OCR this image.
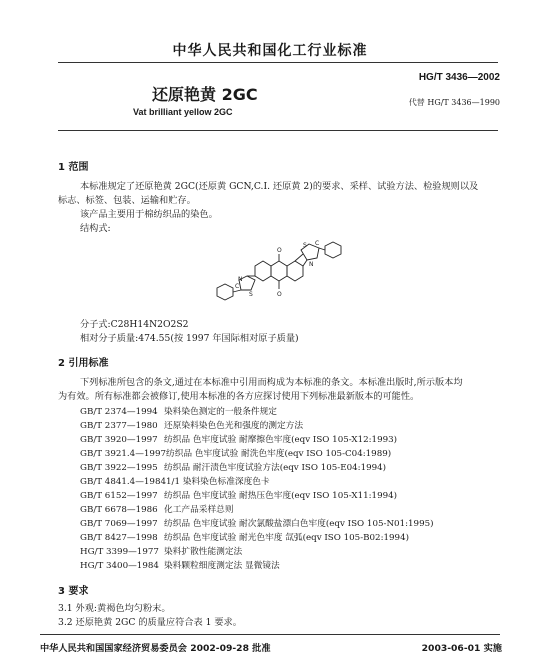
中华人民共和国化工行业标准
HG/T 3436—2002
还原艳黄 2GC	代替 HG/T 3436—1990
Vat brilliant yellow 2GC
1 范围
本标准规定了还原艳黄 2GC(还原黄 GCN,C.I. 还原黄 2)的要求、采样、试验方法、检验规则以及
标志、标签、包装、运输和贮存。
该产品主要用于棉纺织品的染色。
结构式:
S
N
O
O
N
S
C
C
分子式:C28H14N2O2S2
相对分子质量:474.55(按 1997 年国际相对原子质量)
2 引用标准
下列标准所包含的条文,通过在本标准中引用而构成为本标准的条文。本标准出版时,所示版本均
为有效。所有标准都会被修订,使用本标准的各方应探讨使用下列标准最新版本的可能性。
GB/T 2374—1994 染料染色测定的一般条件规定
GB/T 2377—1980 还原染料染色色光和强度的测定方法
GB/T 3920—1997 纺织品 色牢度试验 耐摩擦色牢度(eqv ISO 105-X12:1993)
GB/T 3921.4—1997纺织品 色牢度试验 耐洗色牢度(eqv ISO 105-C04:1989)
GB/T 3922—1995 纺织品 耐汗渍色牢度试验方法(eqv ISO 105-E04:1994)
GB/T 4841.4—19841/1 染料染色标准深度色卡
GB/T 6152—1997 纺织品 色牢度试验 耐热压色牢度(eqv ISO 105-X11:1994)
GB/T 6678—1986 化工产品采样总则
GB/T 7069—1997 纺织品 色牢度试验 耐次氯酸盐漂白色牢度(eqv ISO 105-N01:1995)
GB/T 8427—1998 纺织品 色牢度试验 耐光色牢度 氙弧(eqv ISO 105-B02:1994)
HG/T 3399—1977 染料扩散性能测定法
HG/T 3400—1984 染料颗粒细度测定法 显微镜法
3 要求
3.1 外观:黄褐色均匀粉末。
3.2 还原艳黄 2GC 的质量应符合表 1 要求。
中华人民共和国国家经济贸易委员会 2002-09-28 批准	2003-06-01 实施
